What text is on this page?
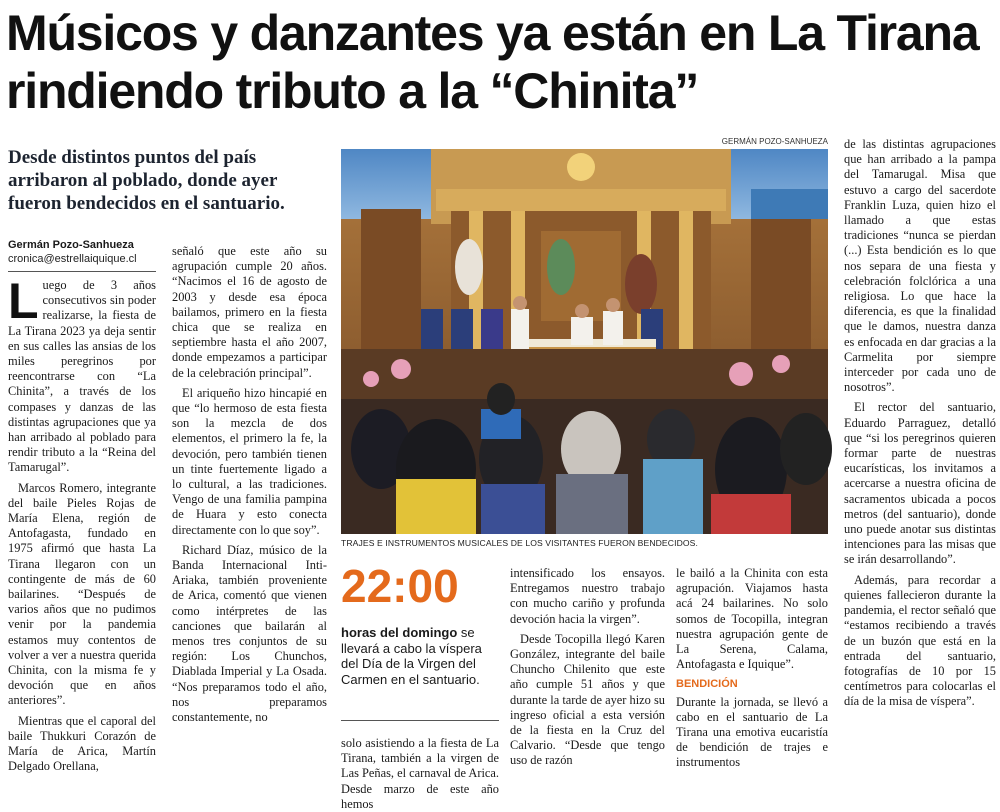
Músicos y danzantes ya están en La Tirana rindiendo tributo a la “Chinita”

Desde distintos puntos del país arribaron al poblado, donde ayer fueron bendecidos en el santuario.

Germán Pozo-Sanhueza
cronica@estrellaiquique.cl

Luego de 3 años consecutivos sin poder realizarse, la fiesta de La Tirana 2023 ya deja sentir en sus calles las ansias de los miles peregrinos por reencontrarse con “La Chinita”, a través de los compases y danzas de las distintas agrupaciones que ya han arribado al poblado para rendir tributo a la “Reina del Tamarugal”.

Marcos Romero, integrante del baile Pieles Rojas de María Elena, región de Antofagasta, fundado en 1975 afirmó que hasta La Tirana llegaron con un contingente de más de 60 bailarines. “Después de varios años que no pudimos venir por la pandemia estamos muy contentos de volver a ver a nuestra querida Chinita, con la misma fe y devoción que en años anteriores”.

Mientras que el caporal del baile Thukkuri Corazón de María de Arica, Martín Delgado Orellana,

señaló que este año su agrupación cumple 20 años. “Nacimos el 16 de agosto de 2003 y desde esa época bailamos, primero en la fiesta chica que se realiza en septiembre hasta el año 2007, donde empezamos a participar de la celebración principal”.

El ariqueño hizo hincapié en que “lo hermoso de esta fiesta son la mezcla de dos elementos, el primero la fe, la devoción, pero también tienen un tinte fuertemente ligado a lo cultural, a las tradiciones. Vengo de una familia pampina de Huara y esto conecta directamente con lo que soy”.

Richard Díaz, músico de la Banda Internacional Inti-Ariaka, también proveniente de Arica, comentó que vienen como intérpretes de las canciones que bailarán al menos tres conjuntos de su región: Los Chunchos, Diablada Imperial y La Osada. “Nos preparamos todo el año, nos preparamos constantemente, no

GERMÁN POZO-SANHUEZA
TRAJES E INSTRUMENTOS MUSICALES DE LOS VISITANTES FUERON BENDECIDOS.
22:00
horas del domingo se llevará a cabo la víspera del Día de la Virgen del Carmen en el santuario.

solo asistiendo a la fiesta de La Tirana, también a la virgen de Las Peñas, el carnaval de Arica. Desde marzo de este año hemos

intensificado los ensayos. Entregamos nuestro trabajo con mucho cariño y profunda devoción hacia la virgen”.

Desde Tocopilla llegó Karen González, integrante del baile Chuncho Chilenito que este año cumple 51 años y que durante la tarde de ayer hizo su ingreso oficial a esta versión de la fiesta en la Cruz del Calvario. “Desde que tengo uso de razón

le bailó a la Chinita con esta agrupación. Viajamos hasta acá 24 bailarines. No solo somos de Tocopilla, integran nuestra agrupación gente de La Serena, Calama, Antofagasta e Iquique”.

BENDICIÓN

Durante la jornada, se llevó a cabo en el santuario de La Tirana una emotiva eucaristía de bendición de trajes e instrumentos

de las distintas agrupaciones que han arribado a la pampa del Tamarugal. Misa que estuvo a cargo del sacerdote Franklin Luza, quien hizo el llamado a que estas tradiciones “nunca se pierdan (...) Esta bendición es lo que nos separa de una fiesta y celebración folclórica a una religiosa. Lo que hace la diferencia, es que la finalidad que le damos, nuestra danza es enfocada en dar gracias a la Carmelita por siempre interceder por cada uno de nosotros”.

El rector del santuario, Eduardo Parraguez, detalló que “si los peregrinos quieren formar parte de nuestras eucarísticas, los invitamos a acercarse a nuestra oficina de sacramentos ubicada a pocos metros (del santuario), donde uno puede anotar sus distintas intenciones para las misas que se irán desarrollando”.

Además, para recordar a quienes fallecieron durante la pandemia, el rector señaló que “estamos recibiendo a través de un buzón que está en la entrada del santuario, fotografías de 10 por 15 centímetros para colocarlas el día de la misa de víspera”.
